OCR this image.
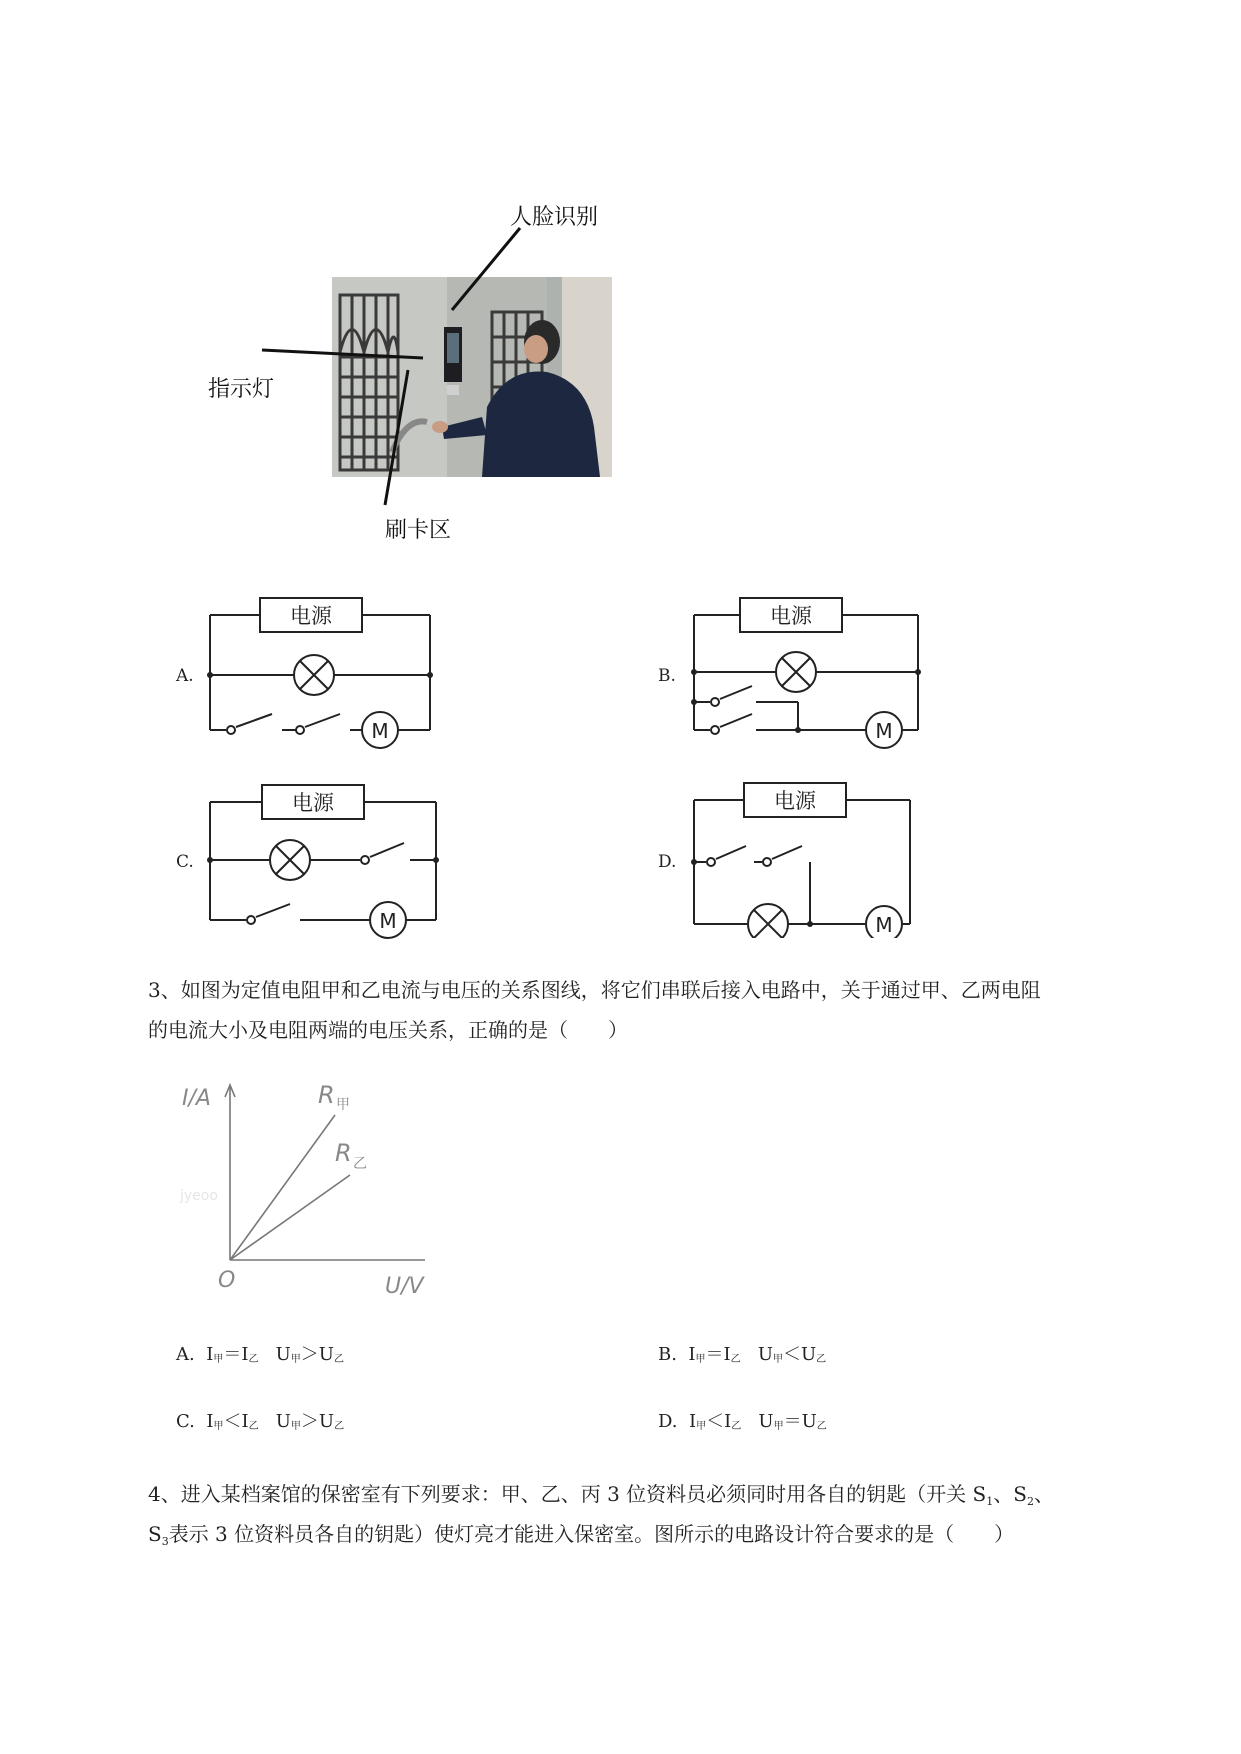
人脸识别
指示灯
刷卡区
A.
电源
M
B.
电源
M
C.
电源
M
D.
电源
M
3、如图为定值电阻甲和乙电流与电压的关系图线，将它们串联后接入电路中，关于通过甲、乙两电阻
的电流大小及电阻两端的电压关系，正确的是（　　）
I/A
U/V
O
R 甲
R 乙
jyeoo
A. $I_甲=I_乙$ $U_甲>U_乙$	B. $I_甲=I_乙$ $U_甲<U_乙$
C. $I_甲<I_乙$ $U_甲>U_乙$	D. $I_甲<I_乙$ $U_甲=U_乙$
4、进入某档案馆的保密室有下列要求：甲、乙、丙 3 位资料员必须同时用各自的钥匙（开关 $S_1$、$S_2$、
$S_3$表示 3 位资料员各自的钥匙）使灯亮才能进入保密室。图所示的电路设计符合要求的是（　　）
